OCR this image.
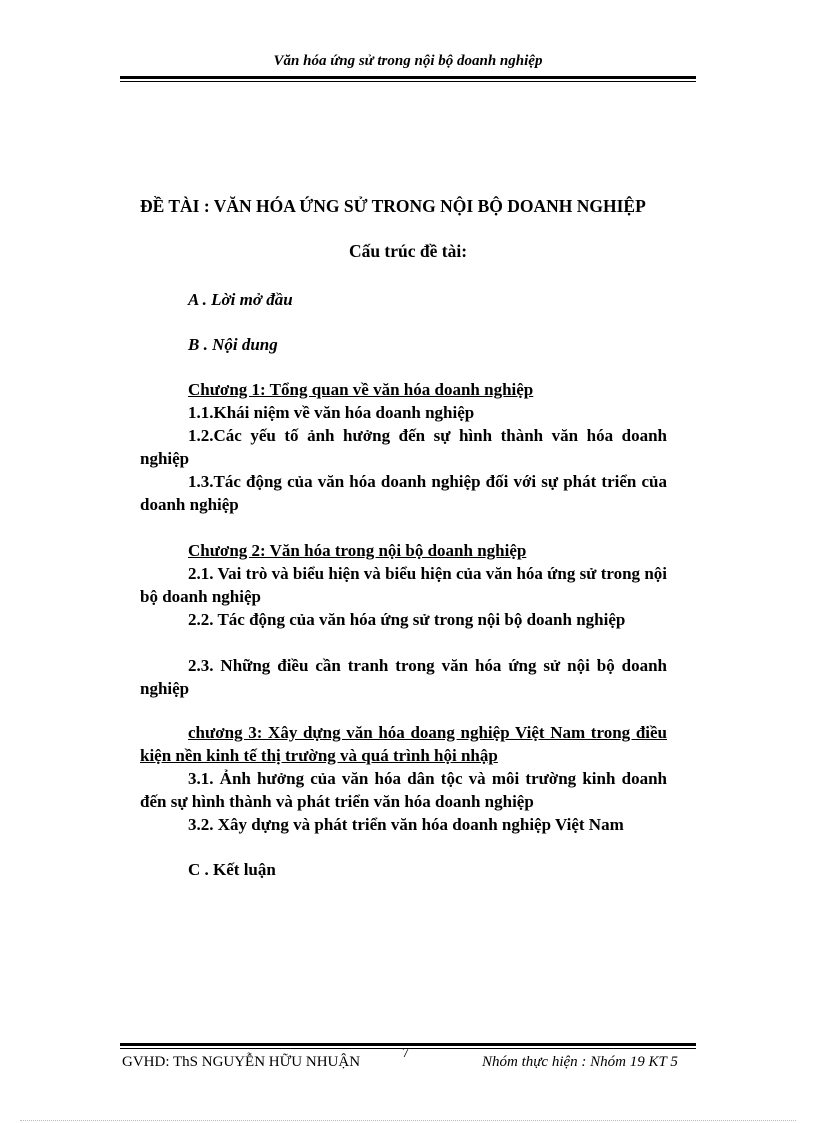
Văn hóa ứng sử trong nội bộ doanh nghiệp
ĐỀ TÀI : VĂN HÓA ỨNG SỬ TRONG NỘI BỘ DOANH NGHIỆP
Cấu trúc đề tài:
A . Lời mở đầu
B . Nội dung
Chương 1: Tổng quan về văn hóa doanh nghiệp
1.1.Khái niệm về văn hóa doanh nghiệp
1.2.Các yếu tố ảnh hưởng đến sự hình thành văn hóa doanh nghiệp
1.3.Tác động của văn hóa doanh nghiệp đối với sự phát triển của doanh nghiệp
Chương 2: Văn hóa trong nội bộ doanh nghiệp
2.1. Vai trò và biểu hiện và biểu hiện của văn hóa ứng sử trong nội bộ doanh nghiệp
2.2. Tác động của văn hóa ứng sử trong nội bộ doanh nghiệp
2.3. Những điều cần tranh trong văn hóa ứng sử nội bộ doanh nghiệp
chương 3: Xây dựng văn hóa doang nghiệp Việt Nam trong điều kiện nền kinh tế thị trường và quá trình hội nhập
3.1. Ảnh hưởng của văn hóa dân tộc và môi trường kinh doanh đến sự hình thành và phát triển văn hóa doanh nghiệp
3.2. Xây dựng và phát triển văn hóa doanh nghiệp Việt Nam
C . Kết luận
GVHD: ThS NGUYỄN HỮU NHUẬN
7
Nhóm thực hiện : Nhóm 19 KT 5
